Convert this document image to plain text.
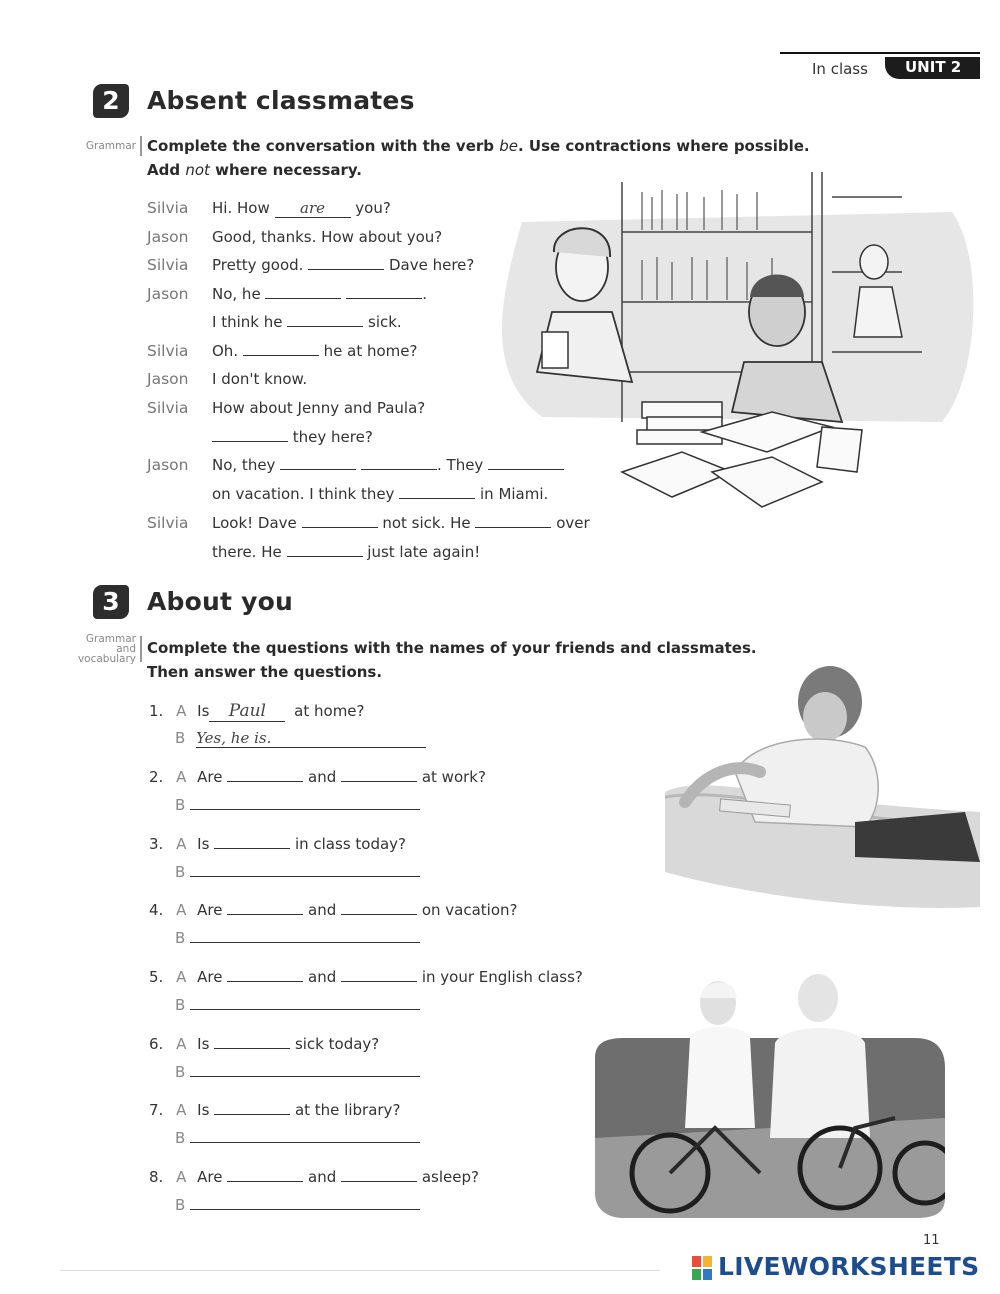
In class UNIT 2
2	Absent classmates
Grammar Complete the conversation with the verb be. Use contractions where possible.
Add not where necessary.
Silvia Hi. How are you?
Jason Good, thanks. How about you?
Silvia Pretty good.	Dave here?
Jason No, he	.
I think he	sick.
Silvia Oh.	he at home?
Jason I don't know.
Silvia How about Jenny and Paula?
they here?
Jason No, they	. They
on vacation. I think they	in Miami.
Silvia Look! Dave	not sick. He	over
there. He	just late again!
3	About you
Grammar
and
vocabulary
Complete the questions with the names of your friends and classmates.
Then answer the questions.
1. A Is Paul at home?
B Yes, he is.
2. A Are	and	at work?
B
3. A Is	in class today?
B
4. A Are	and	on vacation?
B
5. A Are	and	in your English class?
B
6. A Is	sick today?
B
7. A Is	at the library?
B
8. A Are	and	asleep?
B
11
LIVEWORKSHEETS
